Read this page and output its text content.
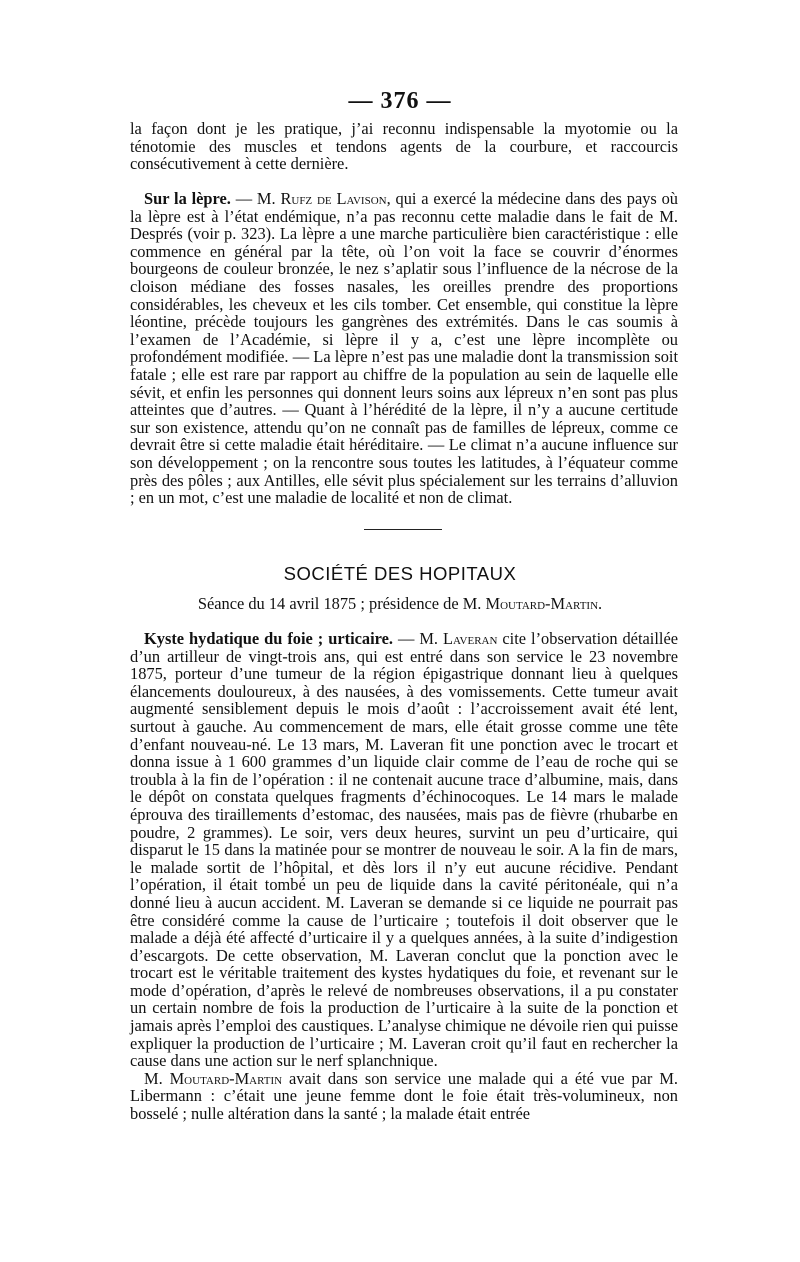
— 376 —

la façon dont je les pratique, j’ai reconnu indispensable la myotomie ou la ténotomie des muscles et tendons agents de la courbure, et raccourcis consécutivement à cette dernière.

Sur la lèpre. — M. Rufz de Lavison, qui a exercé la médecine dans des pays où la lèpre est à l’état endémique, n’a pas reconnu cette maladie dans le fait de M. Després (voir p. 323). La lèpre a une marche particulière bien caractéristique : elle commence en général par la tête, où l’on voit la face se couvrir d’énormes bourgeons de couleur bronzée, le nez s’aplatir sous l’influence de la nécrose de la cloison médiane des fosses nasales, les oreilles prendre des proportions considérables, les cheveux et les cils tomber. Cet ensemble, qui constitue la lèpre léontine, précède toujours les gangrènes des extrémités. Dans le cas soumis à l’examen de l’Académie, si lèpre il y a, c’est une lèpre incomplète ou profondément modifiée. — La lèpre n’est pas une maladie dont la transmission soit fatale ; elle est rare par rapport au chiffre de la population au sein de laquelle elle sévit, et enfin les personnes qui donnent leurs soins aux lépreux n’en sont pas plus atteintes que d’autres. — Quant à l’hérédité de la lèpre, il n’y a aucune certitude sur son existence, attendu qu’on ne connaît pas de familles de lépreux, comme ce devrait être si cette maladie était héréditaire. — Le climat n’a aucune influence sur son développement ; on la rencontre sous toutes les latitudes, à l’équateur comme près des pôles ; aux Antilles, elle sévit plus spécialement sur les terrains d’alluvion ; en un mot, c’est une maladie de localité et non de climat.

SOCIÉTÉ DES HOPITAUX
Séance du 14 avril 1875 ; présidence de M. Moutard-Martin.

Kyste hydatique du foie ; urticaire. — M. Laveran cite l’observation détaillée d’un artilleur de vingt-trois ans, qui est entré dans son service le 23 novembre 1875, porteur d’une tumeur de la région épigastrique donnant lieu à quelques élancements douloureux, à des nausées, à des vomissements. Cette tumeur avait augmenté sensiblement depuis le mois d’août : l’accroissement avait été lent, surtout à gauche. Au commencement de mars, elle était grosse comme une tête d’enfant nouveau-né. Le 13 mars, M. Laveran fit une ponction avec le trocart et donna issue à 1 600 grammes d’un liquide clair comme de l’eau de roche qui se troubla à la fin de l’opération : il ne contenait aucune trace d’albumine, mais, dans le dépôt on constata quelques fragments d’échinocoques. Le 14 mars le malade éprouva des tiraillements d’estomac, des nausées, mais pas de fièvre (rhubarbe en poudre, 2 grammes). Le soir, vers deux heures, survint un peu d’urticaire, qui disparut le 15 dans la matinée pour se montrer de nouveau le soir. A la fin de mars, le malade sortit de l’hôpital, et dès lors il n’y eut aucune récidive. Pendant l’opération, il était tombé un peu de liquide dans la cavité péritonéale, qui n’a donné lieu à aucun accident. M. Laveran se demande si ce liquide ne pourrait pas être considéré comme la cause de l’urticaire ; toutefois il doit observer que le malade a déjà été affecté d’urticaire il y a quelques années, à la suite d’indigestion d’escargots. De cette observation, M. Laveran conclut que la ponction avec le trocart est le véritable traitement des kystes hydatiques du foie, et revenant sur le mode d’opération, d’après le relevé de nombreuses observations, il a pu constater un certain nombre de fois la production de l’urticaire à la suite de la ponction et jamais après l’emploi des caustiques. L’analyse chimique ne dévoile rien qui puisse expliquer la production de l’urticaire ; M. Laveran croit qu’il faut en rechercher la cause dans une action sur le nerf splanchnique.

M. Moutard-Martin avait dans son service une malade qui a été vue par M. Libermann : c’était une jeune femme dont le foie était très-volumineux, non bosselé ; nulle altération dans la santé ; la malade était entrée
